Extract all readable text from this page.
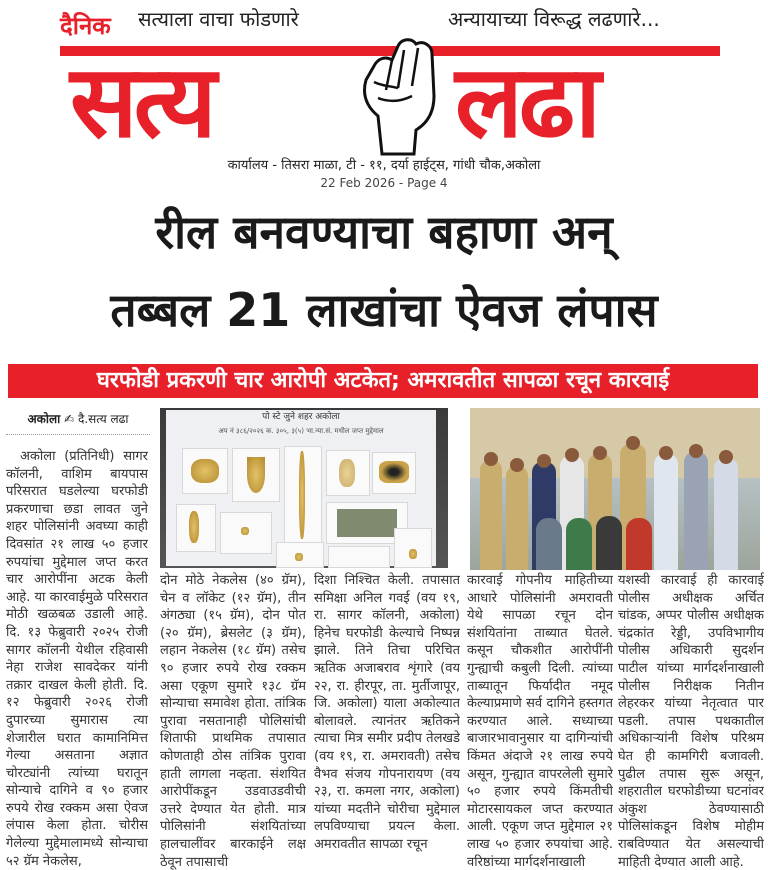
दैनिक सत्याला वाचा फोडणारे	अन्यायाच्या विरूद्ध लढणारे...
सत्य लढा
कार्यालय - तिसरा माळा, टी - ११, दर्या हाईट्स, गांधी चौक,अकोला
22 Feb 2026 - Page 4
रील बनवण्याचा बहाणा अन्
तब्बल 21 लाखांचा ऐवज लंपास
घरफोडी प्रकरणी चार आरोपी अटकेत; अमरावतीत सापळा रचून कारवाई
अकोला ✍ दै.सत्य लढा	पो स्टे जुने शहर अकोला
अप नं ३८६/२०२६ क. ३०५, ३(५) भा.न्या.सं. मधील जप्त मुद्देमाल
अकोला (प्रतिनिधी) सागर कॉलनी, वाशिम बायपास परिसरात घडलेल्या घरफोडी प्रकरणाचा छडा लावत जुने शहर पोलिसांनी अवघ्या काही दिवसांत २१ लाख ५० हजार रुपयांचा मुद्देमाल जप्त करत चार आरोपींना अटक केली आहे. या कारवाईमुळे परिसरात मोठी खळबळ उडाली आहे. दि. १३ फेब्रुवारी २०२५ रोजी सागर कॉलनी येथील रहिवासी नेहा राजेश सावदेकर यांनी तक्रार दाखल केली होती. दि. १२ फेब्रुवारी २०२६ रोजी दुपारच्या सुमारास त्या शेजारील घरात कामानिमित्त गेल्या असताना अज्ञात चोरट्यांनी त्यांच्या घरातून सोन्याचे दागिने व ९० हजार रुपये रोख रक्कम असा ऐवज लंपास केला होता. चोरीस गेलेल्या मुद्देमालामध्ये सोन्याचा ५२ ग्रॅम नेकलेस,
दोन मोठे नेकलेस (४० ग्रॅम), चेन व लॉकेट (१२ ग्रॅम), तीन अंगठ्या (१५ ग्रॅम), दोन पोत (२० ग्रॅम), ब्रेसलेट (३ ग्रॅम), लहान नेकलेस (१८ ग्रॅम) तसेच ९० हजार रुपये रोख रक्कम असा एकूण सुमारे १३८ ग्रॅम सोन्याचा समावेश होता. तांत्रिक पुरावा नसतानाही पोलिसांची शिताफी प्राथमिक तपासात कोणताही ठोस तांत्रिक पुरावा हाती लागला नव्हता. संशयित आरोपींकडून उडवाउडवीची उत्तरे देण्यात येत होती. मात्र पोलिसांनी संशयितांच्या हालचालींवर बारकाईने लक्ष ठेवून तपासाची
दिशा निश्चित केली. तपासात समिक्षा अनिल गवई (वय १९, रा. सागर कॉलनी, अकोला) हिनेच घरफोडी केल्याचे निष्पन्न झाले. तिने तिचा परिचित ऋतिक अजाबराव शृंगारे (वय २२, रा. हीरपूर, ता. मुर्तीजापूर, जि. अकोला) याला अकोल्यात बोलावले. त्यानंतर ऋतिकने त्याचा मित्र समीर प्रदीप तेलखडे (वय १९, रा. अमरावती) तसेच वैभव संजय गोपनारायण (वय २३, रा. कमला नगर, अकोला) यांच्या मदतीने चोरीचा मुद्देमाल लपविण्याचा प्रयत्न केला. अमरावतीत सापळा रचून
कारवाई गोपनीय माहितीच्या आधारे पोलिसांनी अमरावती येथे सापळा रचून दोन संशयितांना ताब्यात घेतले. कसून चौकशीत आरोपींनी गुन्ह्याची कबुली दिली. त्यांच्या ताब्यातून फिर्यादीत नमूद केल्याप्रमाणे सर्व दागिने हस्तगत करण्यात आले. सध्याच्या बाजारभावानुसार या दागिन्यांची किंमत अंदाजे २१ लाख रुपये असून, गुन्ह्यात वापरलेली सुमारे ५० हजार रुपये किंमतीची मोटारसायकल जप्त करण्यात आली. एकूण जप्त मुद्देमाल २१ लाख ५० हजार रुपयांचा आहे. वरिष्ठांच्या मार्गदर्शनाखाली
यशस्वी कारवाई ही कारवाई पोलीस अधीक्षक अर्चित चांडक, अप्पर पोलीस अधीक्षक चंद्रकांत रेड्डी, उपविभागीय पोलीस अधिकारी सुदर्शन पाटील यांच्या मार्गदर्शनाखाली पोलीस निरीक्षक नितीन लेहरकर यांच्या नेतृत्वात पार पडली. तपास पथकातील अधिकाऱ्यांनी विशेष परिश्रम घेत ही कामगिरी बजावली. पुढील तपास सुरू असून, शहरातील घरफोडीच्या घटनांवर अंकुश ठेवण्यासाठी पोलिसांकडून विशेष मोहीम राबविण्यात येत असल्याची माहिती देण्यात आली आहे.
